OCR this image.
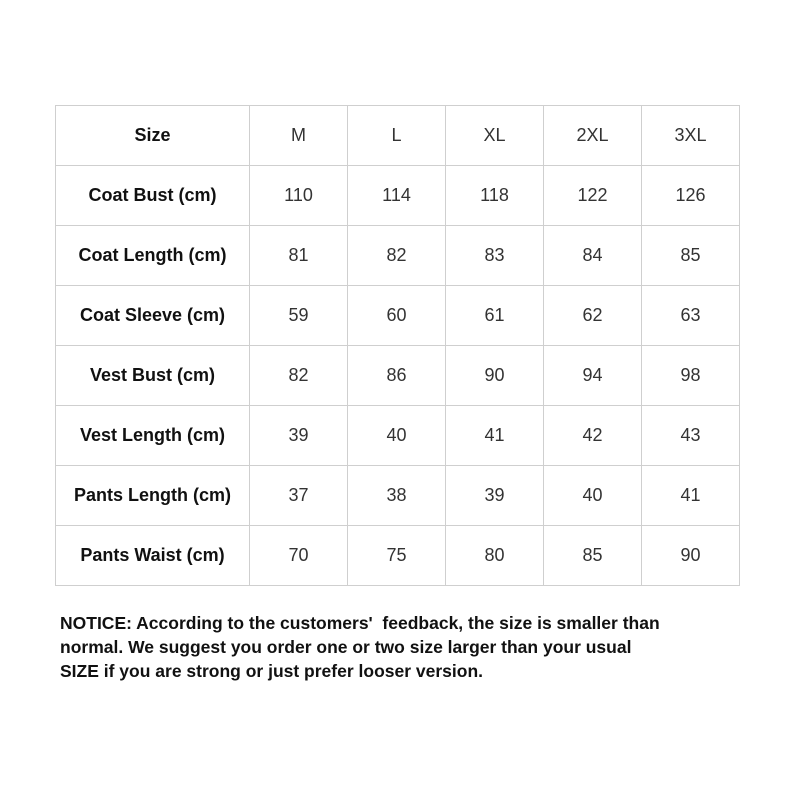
Size	M	L	XL	2XL	3XL
Coat Bust (cm)	110	114	118	122	126
Coat Length (cm)	81	82	83	84	85
Coat Sleeve (cm)	59	60	61	62	63
Vest Bust (cm)	82	86	90	94	98
Vest Length (cm)	39	40	41	42	43
Pants Length (cm)	37	38	39	40	41
Pants Waist (cm)	70	75	80	85	90
NOTICE: According to the customers'  feedback, the size is smaller than
normal. We suggest you order one or two size larger than your usual
SIZE if you are strong or just prefer looser version.
